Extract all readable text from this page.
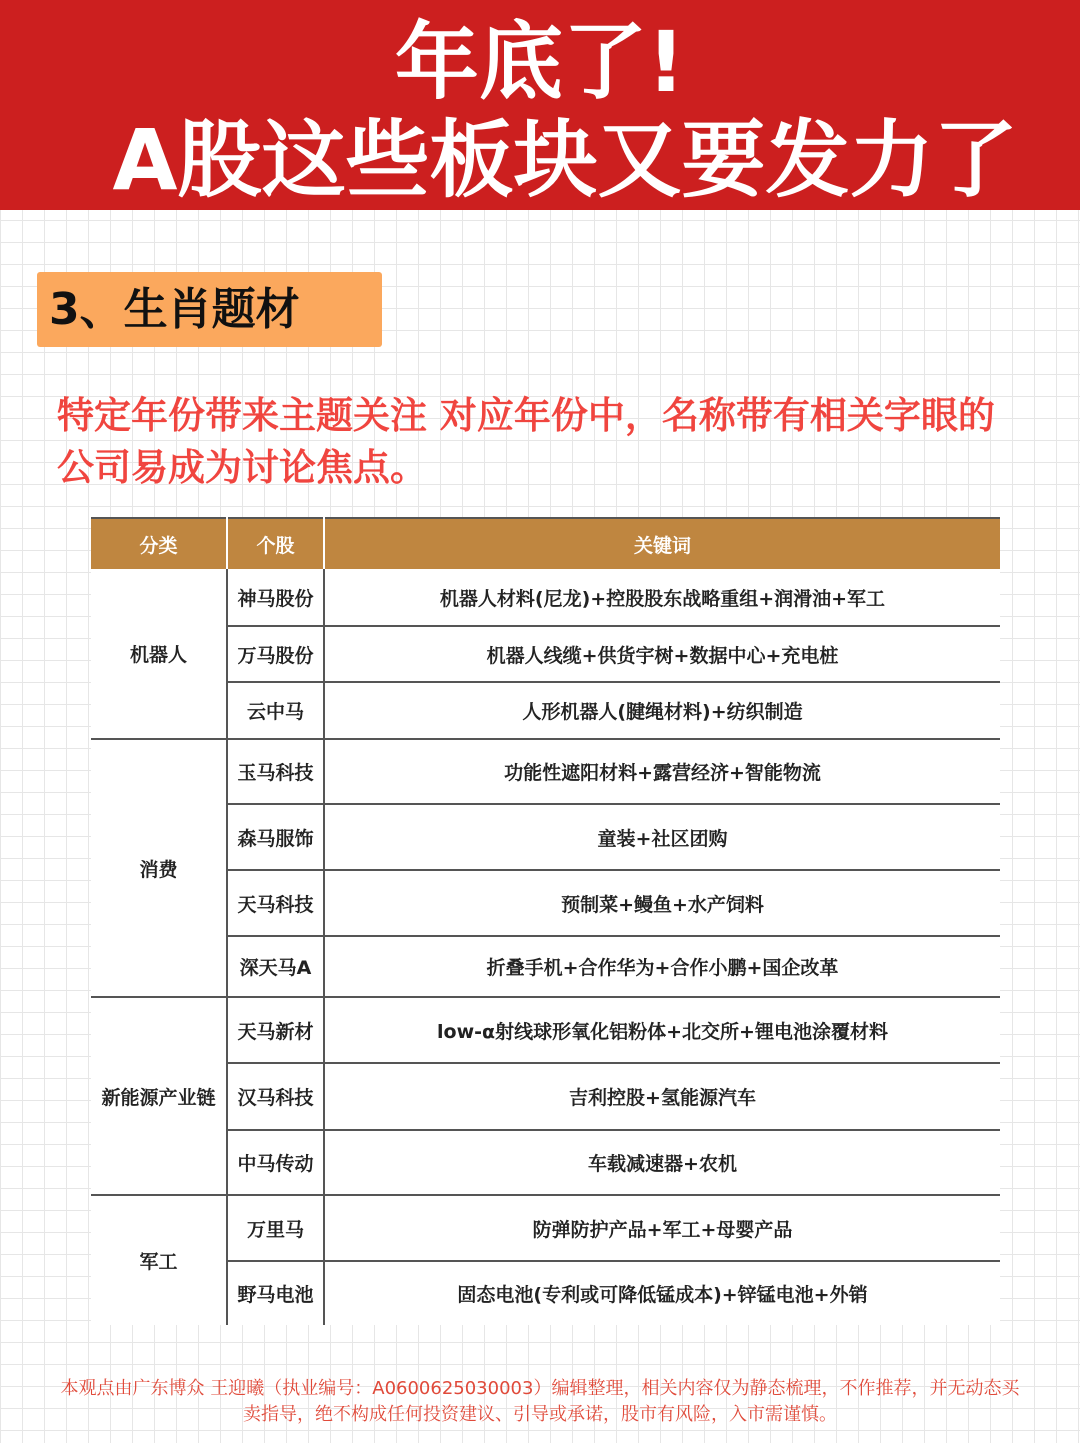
年底了!
A股这些板块又要发力了
3、生肖题材
特定年份带来主题关注 对应年份中，名称带有相关字眼的公司易成为讨论焦点。
分类	个股	关键词
机器人	神马股份	机器人材料(尼龙)+控股股东战略重组+润滑油+军工
	万马股份	机器人线缆+供货宇树+数据中心+充电桩
	云中马	人形机器人(腱绳材料)+纺织制造
消费	玉马科技	功能性遮阳材料+露营经济+智能物流
	森马服饰	童装+社区团购
	天马科技	预制菜+鳗鱼+水产饲料
	深天马A	折叠手机+合作华为+合作小鹏+国企改革
新能源产业链	天马新材	low-α射线球形氧化铝粉体+北交所+锂电池涂覆材料
	汉马科技	吉利控股+氢能源汽车
	中马传动	车载减速器+农机
军工	万里马	防弹防护产品+军工+母婴产品
	野马电池	固态电池(专利或可降低锰成本)+锌锰电池+外销
本观点由广东博众 王迎曦（执业编号：A0600625030003）编辑整理，相关内容仅为静态梳理，不作推荐，并无动态买卖指导，绝不构成任何投资建议、引导或承诺，股市有风险，入市需谨慎。
